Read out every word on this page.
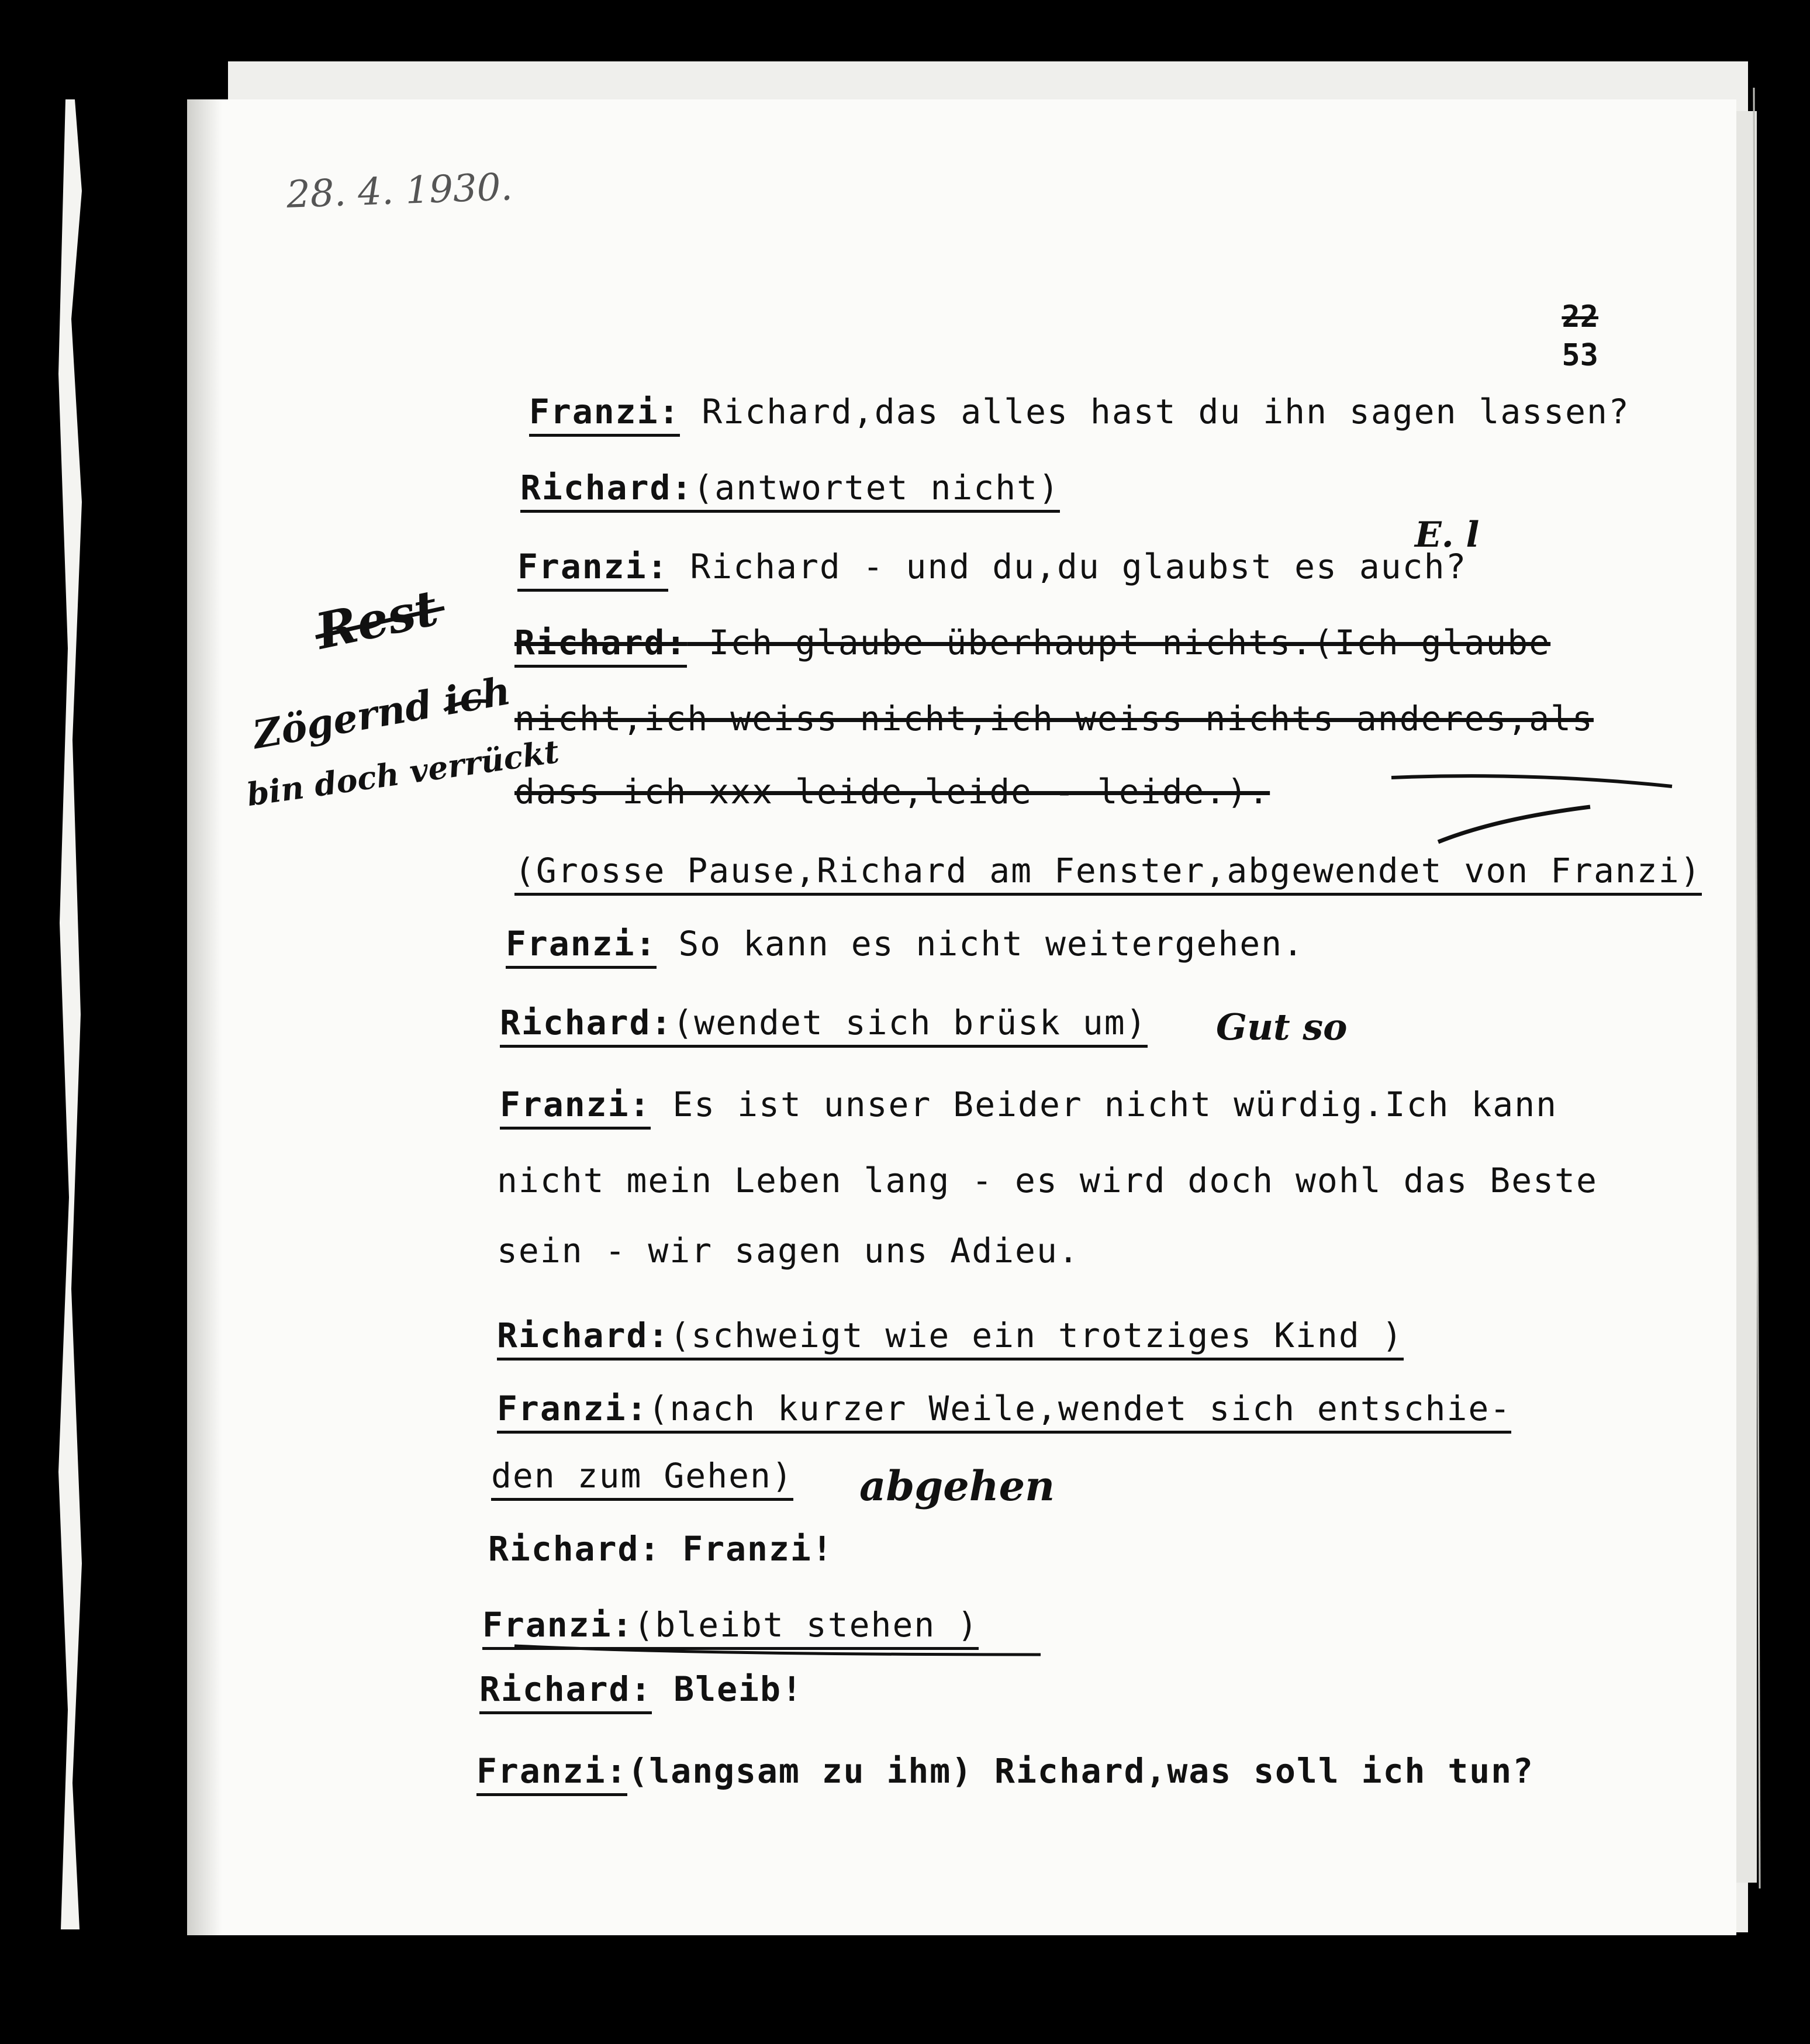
28. 4. 1930.
22
53
Rest
Zögernd ich
bin doch verrückt
E. l
Gut so
abgehen
Franzi: Richard,das alles hast du ihn sagen lassen?
Richard:(antwortet nicht)
Franzi: Richard - und du,du glaubst es auch?
Richard: Ich glaube überhaupt nichts.(Ich glaube
nicht,ich weiss nicht,ich weiss nichts anderes,als
dass ich xxx leide,leide - leide.).
(Grosse Pause,Richard am Fenster,abgewendet von Franzi)
Franzi: So kann es nicht weitergehen.
Richard:(wendet sich brüsk um)
Franzi: Es ist unser Beider nicht würdig.Ich kann
nicht mein Leben lang - es wird doch wohl das Beste
sein - wir sagen uns Adieu.
Richard:(schweigt wie ein trotziges Kind )
Franzi:(nach kurzer Weile,wendet sich entschie-
den zum Gehen)
Richard: Franzi!
Franzi:(bleibt stehen )
Richard: Bleib!
Franzi:(langsam zu ihm) Richard,was soll ich tun?
